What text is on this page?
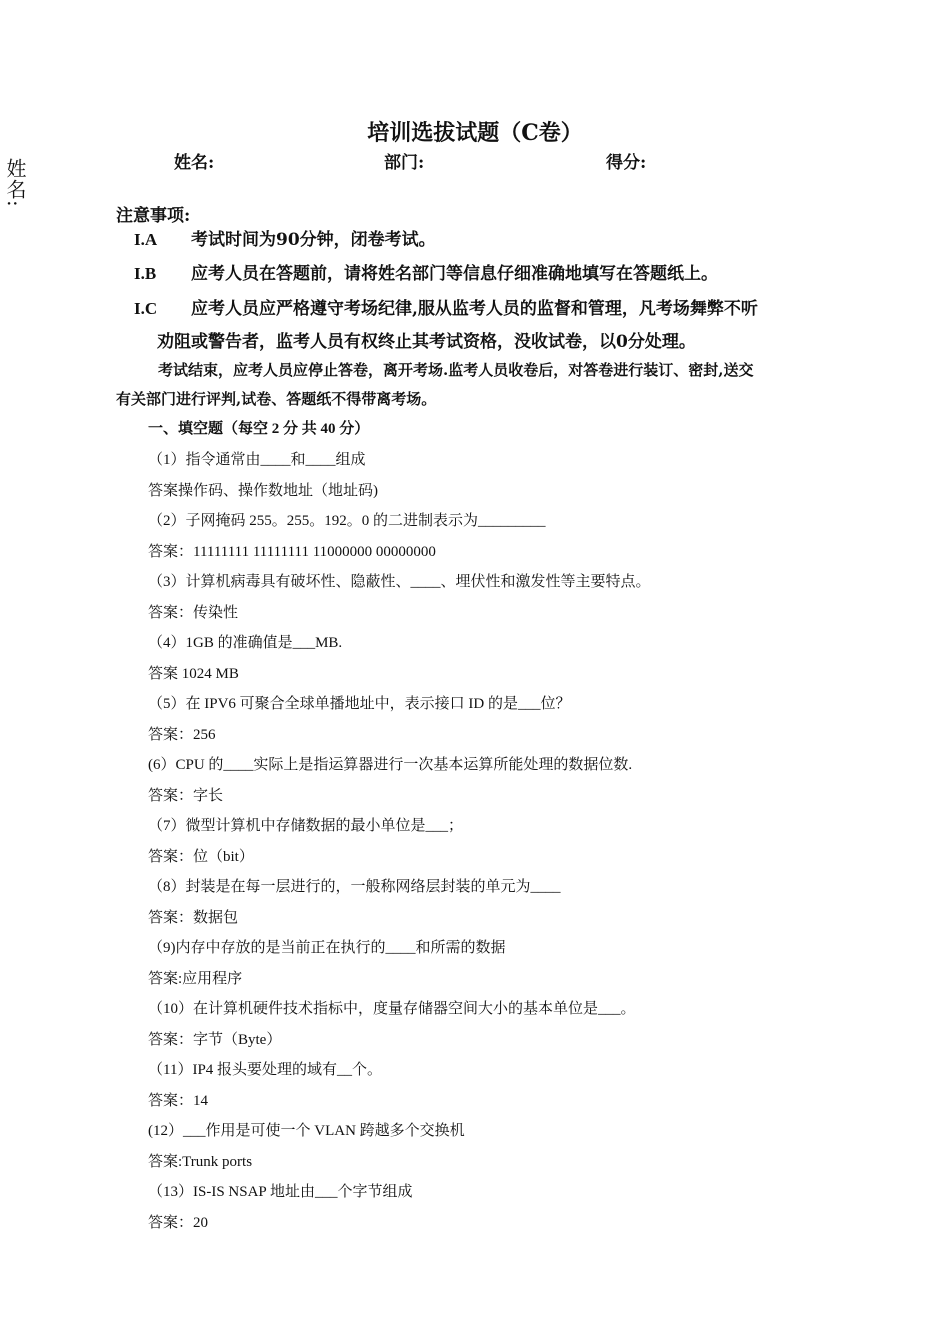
姓名:
培训选拔试题（C卷）
姓名:	部门:	得分:
注意事项:
I.A 考试时间为90分钟，闭卷考试。
I.B 应考人员在答题前，请将姓名部门等信息仔细准确地填写在答题纸上。
I.C 应考人员应严格遵守考场纪律,服从监考人员的监督和管理，凡考场舞弊不听
劝阻或警告者，监考人员有权终止其考试资格，没收试卷，以0分处理。
考试结束，应考人员应停止答卷，离开考场.监考人员收卷后，对答卷进行装订、密封,送交
有关部门进行评判,试卷、答题纸不得带离考场。
一、填空题（每空 2 分 共 40 分）
（1）指令通常由____和____组成
答案操作码、操作数地址（地址码)
（2）子网掩码 255。255。192。0 的二进制表示为_________
答案：11111111 11111111 11000000 00000000
（3）计算机病毒具有破坏性、隐蔽性、____、埋伏性和激发性等主要特点。
答案：传染性
（4）1GB 的准确值是___MB.
答案 1024 MB
（5）在 IPV6 可聚合全球单播地址中，表示接口 ID 的是___位？
答案：256
(6）CPU 的____实际上是指运算器进行一次基本运算所能处理的数据位数.
答案：字长
（7）微型计算机中存储数据的最小单位是___；
答案：位（bit）
（8）封装是在每一层进行的，一般称网络层封装的单元为____
答案：数据包
（9)内存中存放的是当前正在执行的____和所需的数据
答案:应用程序
（10）在计算机硬件技术指标中，度量存储器空间大小的基本单位是___。
答案：字节（Byte）
（11）IP4 报头要处理的域有__个。
答案：14
(12）___作用是可使一个 VLAN 跨越多个交换机
答案:Trunk ports
（13）IS-IS NSAP 地址由___个字节组成
答案：20
